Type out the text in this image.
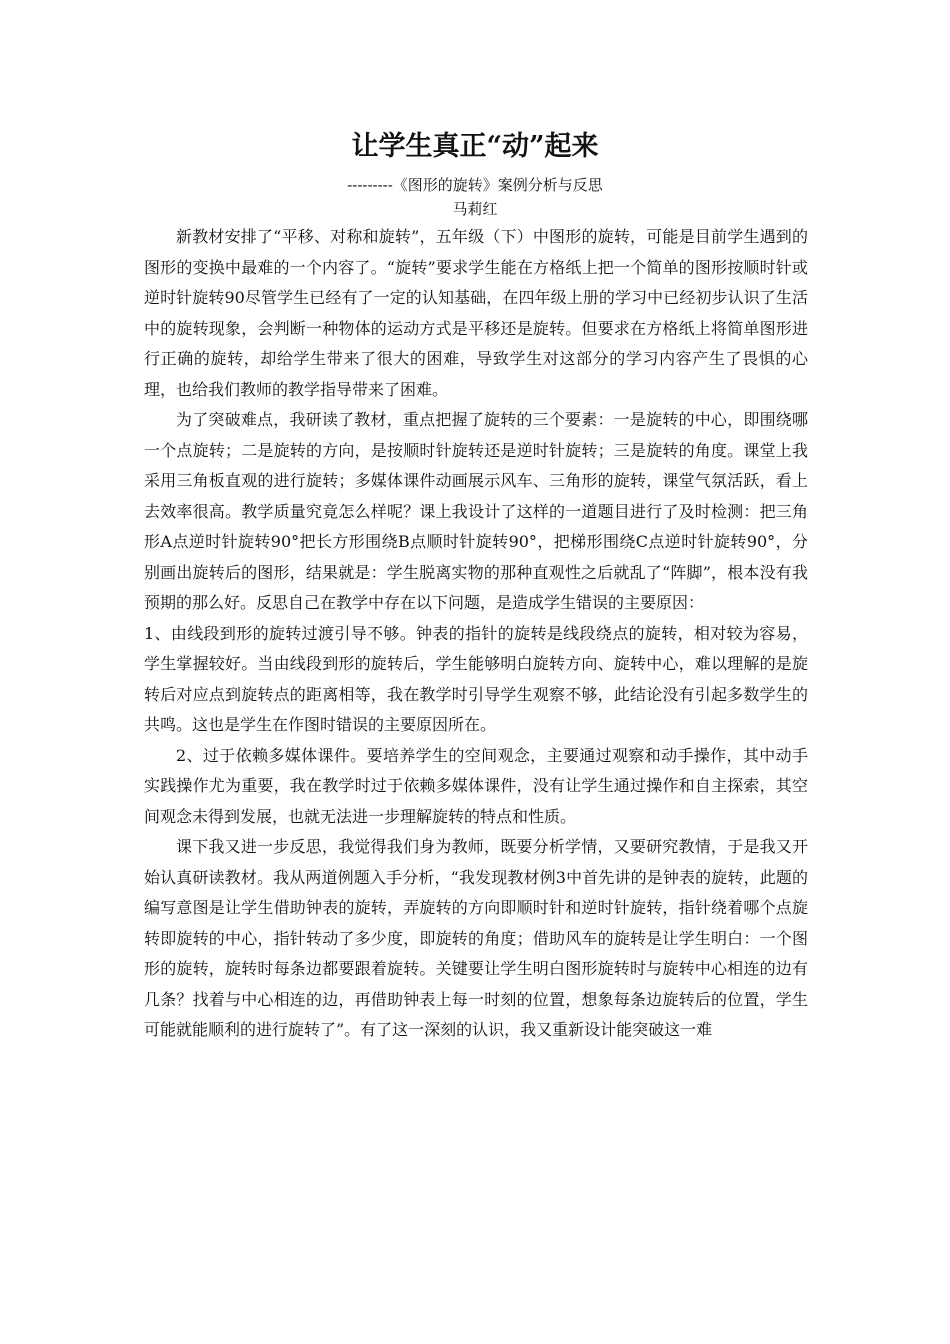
让学生真正“动”起来
---------《图形的旋转》案例分析与反思
马莉红

新教材安排了“平移、对称和旋转”，五年级（下）中图形的旋转，可能是目前学生遇到的图形的变换中最难的一个内容了。“旋转”要求学生能在方格纸上把一个简单的图形按顺时针或逆时针旋转90尽管学生已经有了一定的认知基础，在四年级上册的学习中已经初步认识了生活中的旋转现象，会判断一种物体的运动方式是平移还是旋转。但要求在方格纸上将简单图形进行正确的旋转，却给学生带来了很大的困难，导致学生对这部分的学习内容产生了畏惧的心理，也给我们教师的教学指导带来了困难。

为了突破难点，我研读了教材，重点把握了旋转的三个要素：一是旋转的中心，即围绕哪一个点旋转；二是旋转的方向，是按顺时针旋转还是逆时针旋转；三是旋转的角度。课堂上我采用三角板直观的进行旋转；多媒体课件动画展示风车、三角形的旋转，课堂气氛活跃，看上去效率很高。教学质量究竟怎么样呢？课上我设计了这样的一道题目进行了及时检测：把三角形A点逆时针旋转90°把长方形围绕B点顺时针旋转90°，把梯形围绕C点逆时针旋转90°，分别画出旋转后的图形，结果就是：学生脱离实物的那种直观性之后就乱了“阵脚”，根本没有我预期的那么好。反思自己在教学中存在以下问题，是造成学生错误的主要原因：

1、由线段到形的旋转过渡引导不够。钟表的指针的旋转是线段绕点的旋转，相对较为容易，学生掌握较好。当由线段到形的旋转后，学生能够明白旋转方向、旋转中心，难以理解的是旋转后对应点到旋转点的距离相等，我在教学时引导学生观察不够，此结论没有引起多数学生的共鸣。这也是学生在作图时错误的主要原因所在。

2、过于依赖多媒体课件。要培养学生的空间观念，主要通过观察和动手操作，其中动手实践操作尤为重要，我在教学时过于依赖多媒体课件，没有让学生通过操作和自主探索，其空间观念未得到发展，也就无法进一步理解旋转的特点和性质。

课下我又进一步反思，我觉得我们身为教师，既要分析学情，又要研究教情，于是我又开始认真研读教材。我从两道例题入手分析，“我发现教材例3中首先讲的是钟表的旋转，此题的编写意图是让学生借助钟表的旋转，弄旋转的方向即顺时针和逆时针旋转，指针绕着哪个点旋转即旋转的中心，指针转动了多少度，即旋转的角度；借助风车的旋转是让学生明白：一个图形的旋转，旋转时每条边都要跟着旋转。关键要让学生明白图形旋转时与旋转中心相连的边有几条？找着与中心相连的边，再借助钟表上每一时刻的位置，想象每条边旋转后的位置，学生可能就能顺利的进行旋转了”。有了这一深刻的认识，我又重新设计能突破这一难
